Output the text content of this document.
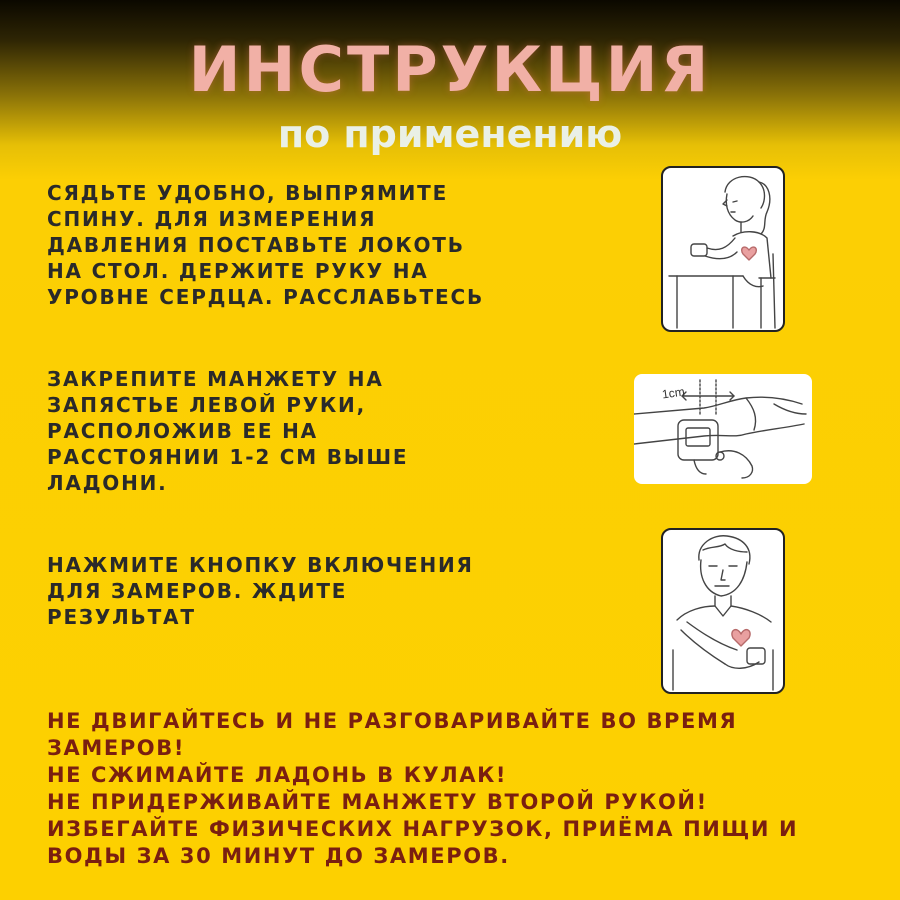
ИНСТРУКЦИЯ
по применению
СЯДЬТЕ УДОБНО, ВЫПРЯМИТЕ
СПИНУ. ДЛЯ ИЗМЕРЕНИЯ
ДАВЛЕНИЯ ПОСТАВЬТЕ ЛОКОТЬ
НА СТОЛ. ДЕРЖИТЕ РУКУ НА
УРОВНЕ СЕРДЦА. РАССЛАБЬТЕСЬ
ЗАКРЕПИТЕ МАНЖЕТУ НА
ЗАПЯСТЬЕ ЛЕВОЙ РУКИ,
РАСПОЛОЖИВ ЕЕ НА
РАССТОЯНИИ 1-2 СМ ВЫШЕ
ЛАДОНИ.
1cm
НАЖМИТЕ КНОПКУ ВКЛЮЧЕНИЯ
ДЛЯ ЗАМЕРОВ. ЖДИТЕ
РЕЗУЛЬТАТ
НЕ ДВИГАЙТЕСЬ И НЕ РАЗГОВАРИВАЙТЕ ВО ВРЕМЯ ЗАМЕРОВ!
НЕ СЖИМАЙТЕ ЛАДОНЬ В КУЛАК!
НЕ ПРИДЕРЖИВАЙТЕ МАНЖЕТУ ВТОРОЙ РУКОЙ!
ИЗБЕГАЙТЕ ФИЗИЧЕСКИХ НАГРУЗОК, ПРИЁМА ПИЩИ И ВОДЫ ЗА 30 МИНУТ ДО ЗАМЕРОВ.
